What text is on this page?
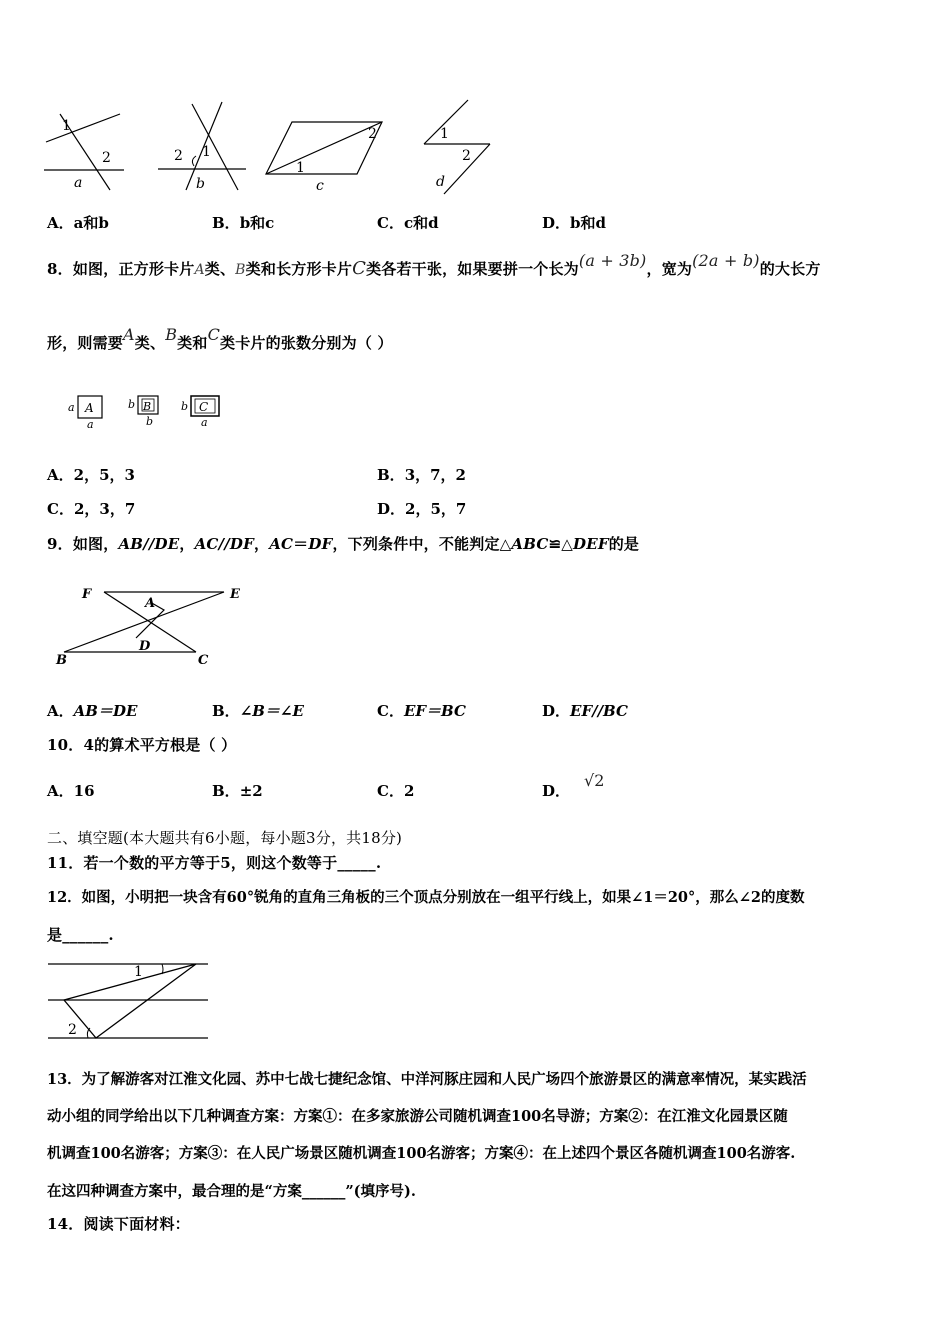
1
2
a
2 1
b
2
1
c
1
2
d
A．a和b	B．b和c	C．c和d	D．b和d
8．如图，正方形卡片A类、B类和长方形卡片C类各若干张，如果要拼一个长为(a + 3b)，宽为(2a + b)的大长方
形，则需要A类、B类和C类卡片的张数分别为（ ）
a A
a
b B
b
b C
a
A．2，5，3	B．3，7，2
C．2，3，7	D．2，5，7
9．如图，AB//DE，AC//DF，AC＝DF，下列条件中，不能判定△ABC≌△DEF的是
F
A
E
D
B	C
A．AB＝DE	B．∠B＝∠E	C．EF＝BC	D．EF//BC
10．4的算术平方根是（ ）
A．16	B．±2	C．2	D．√2
二、填空题(本大题共有6小题，每小题3分，共18分)
11．若一个数的平方等于5，则这个数等于_____.
12．如图，小明把一块含有60°锐角的直角三角板的三个顶点分别放在一组平行线上，如果∠1＝20°，那么∠2的度数
是______.
1
2
13．为了解游客对江淮文化园、苏中七战七捷纪念馆、中洋河豚庄园和人民广场四个旅游景区的满意率情况，某实践活
动小组的同学给出以下几种调查方案：方案①：在多家旅游公司随机调查100名导游；方案②：在江淮文化园景区随
机调查100名游客；方案③：在人民广场景区随机调查100名游客；方案④：在上述四个景区各随机调查100名游客.
在这四种调查方案中，最合理的是“方案______”(填序号).
14．阅读下面材料：
